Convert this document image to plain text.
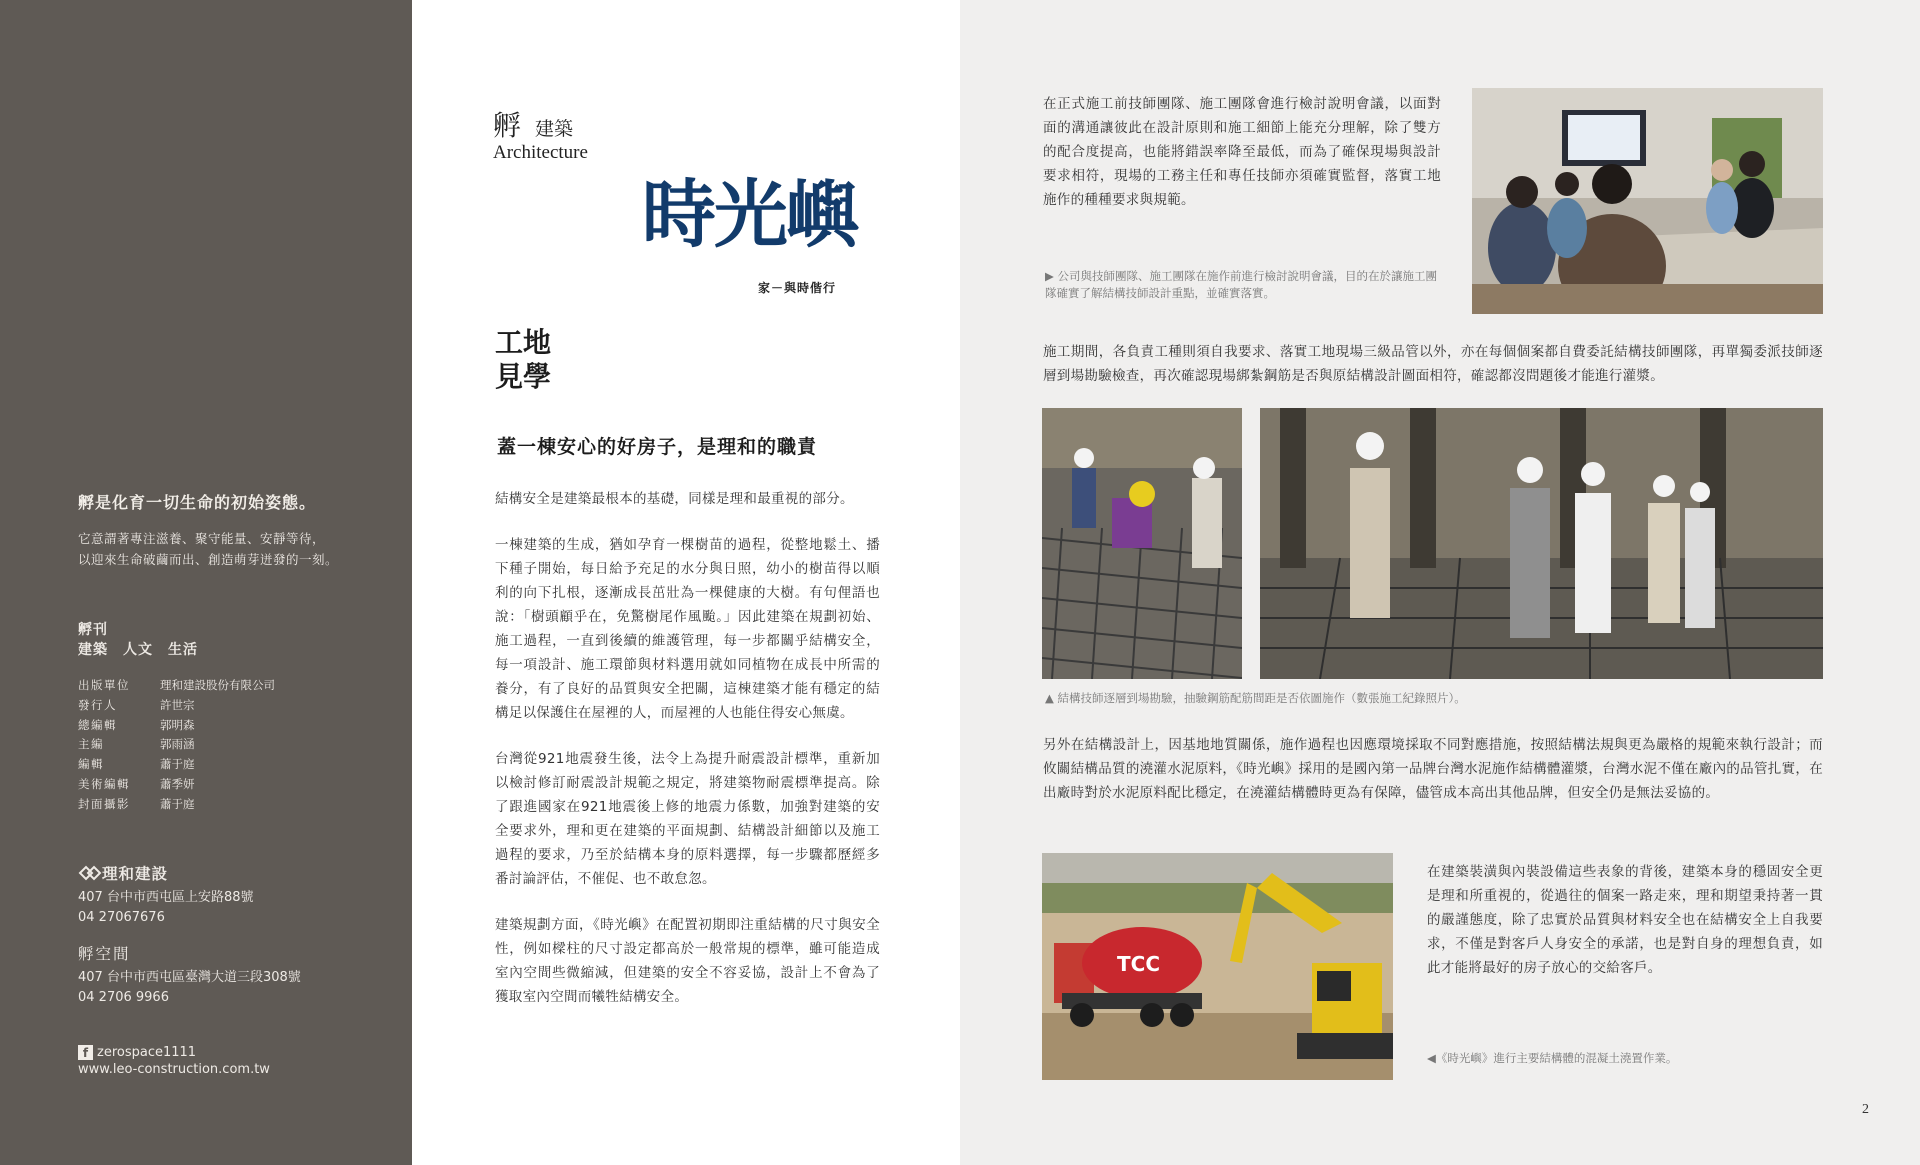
孵是化育一切生命的初始姿態。
它意謂著專注滋養、聚守能量、安靜等待，
以迎來生命破繭而出、創造萌芽迸發的一刻。
孵刊
建築　人文　生活
出版單位	理和建設股份有限公司
發行人	許世宗
總編輯	郭明森
主編	郭雨涵
編輯	蕭于庭
美術編輯	蕭季妍
封面攝影	蕭于庭
理和建設
407 台中市西屯區上安路88號
04 27067676
孵空間
407 台中市西屯區臺灣大道三段308號
04 2706 9966
f zerospace1111
www.leo-construction.com.tw
孵 建築
Architecture
時光嶼
家－與時偕行
工地
見學
蓋一棟安心的好房子，是理和的職責

結構安全是建築最根本的基礎，同樣是理和最重視的部分。

一棟建築的生成，猶如孕育一棵樹苗的過程，從整地鬆土、播下種子開始，每日給予充足的水分與日照，幼小的樹苗得以順利的向下扎根，逐漸成長茁壯為一棵健康的大樹。有句俚語也說：「樹頭顧乎在，免驚樹尾作風颱。」因此建築在規劃初始、施工過程，一直到後續的維護管理，每一步都關乎結構安全，每一項設計、施工環節與材料選用就如同植物在成長中所需的養分，有了良好的品質與安全把關，這棟建築才能有穩定的結構足以保護住在屋裡的人，而屋裡的人也能住得安心無虞。

台灣從921地震發生後，法令上為提升耐震設計標準，重新加以檢討修訂耐震設計規範之規定，將建築物耐震標準提高。除了跟進國家在921地震後上修的地震力係數，加強對建築的安全要求外，理和更在建築的平面規劃、結構設計細節以及施工過程的要求，乃至於結構本身的原料選擇，每一步驟都歷經多番討論評估，不催促、也不敢怠忽。

建築規劃方面，《時光嶼》在配置初期即注重結構的尺寸與安全性，例如樑柱的尺寸設定都高於一般常規的標準，雖可能造成室內空間些微縮減，但建築的安全不容妥協，設計上不會為了獲取室內空間而犧牲結構安全。

在正式施工前技師團隊、施工團隊會進行檢討說明會議，以面對面的溝通讓彼此在設計原則和施工細節上能充分理解，除了雙方的配合度提高，也能將錯誤率降至最低，而為了確保現場與設計要求相符，現場的工務主任和專任技師亦須確實監督，落實工地施作的種種要求與規範。
▶ 公司與技師團隊、施工團隊在施作前進行檢討說明會議，目的在於讓施工團隊確實了解結構技師設計重點，並確實落實。
施工期間，各負責工種則須自我要求、落實工地現場三級品管以外，亦在每個個案都自費委託結構技師團隊，再單獨委派技師逐層到場勘驗檢查，再次確認現場綁紮鋼筋是否與原結構設計圖面相符，確認都沒問題後才能進行灌漿。
▲ 結構技師逐層到場勘驗，抽驗鋼筋配筋間距是否依圖施作（數張施工紀錄照片）。
另外在結構設計上，因基地地質關係，施作過程也因應環境採取不同對應措施，按照結構法規與更為嚴格的規範來執行設計；而攸關結構品質的澆灌水泥原料，《時光嶼》採用的是國內第一品牌台灣水泥施作結構體灌漿，台灣水泥不僅在廠內的品管扎實，在出廠時對於水泥原料配比穩定，在澆灌結構體時更為有保障，儘管成本高出其他品牌，但安全仍是無法妥協的。
TCC
在建築裝潢與內裝設備這些表象的背後，建築本身的穩固安全更是理和所重視的，從過往的個案一路走來，理和期望秉持著一貫的嚴謹態度，除了忠實於品質與材料安全也在結構安全上自我要求，不僅是對客戶人身安全的承諾，也是對自身的理想負責，如此才能將最好的房子放心的交給客戶。
◀《時光嶼》進行主要結構體的混凝土澆置作業。
2
